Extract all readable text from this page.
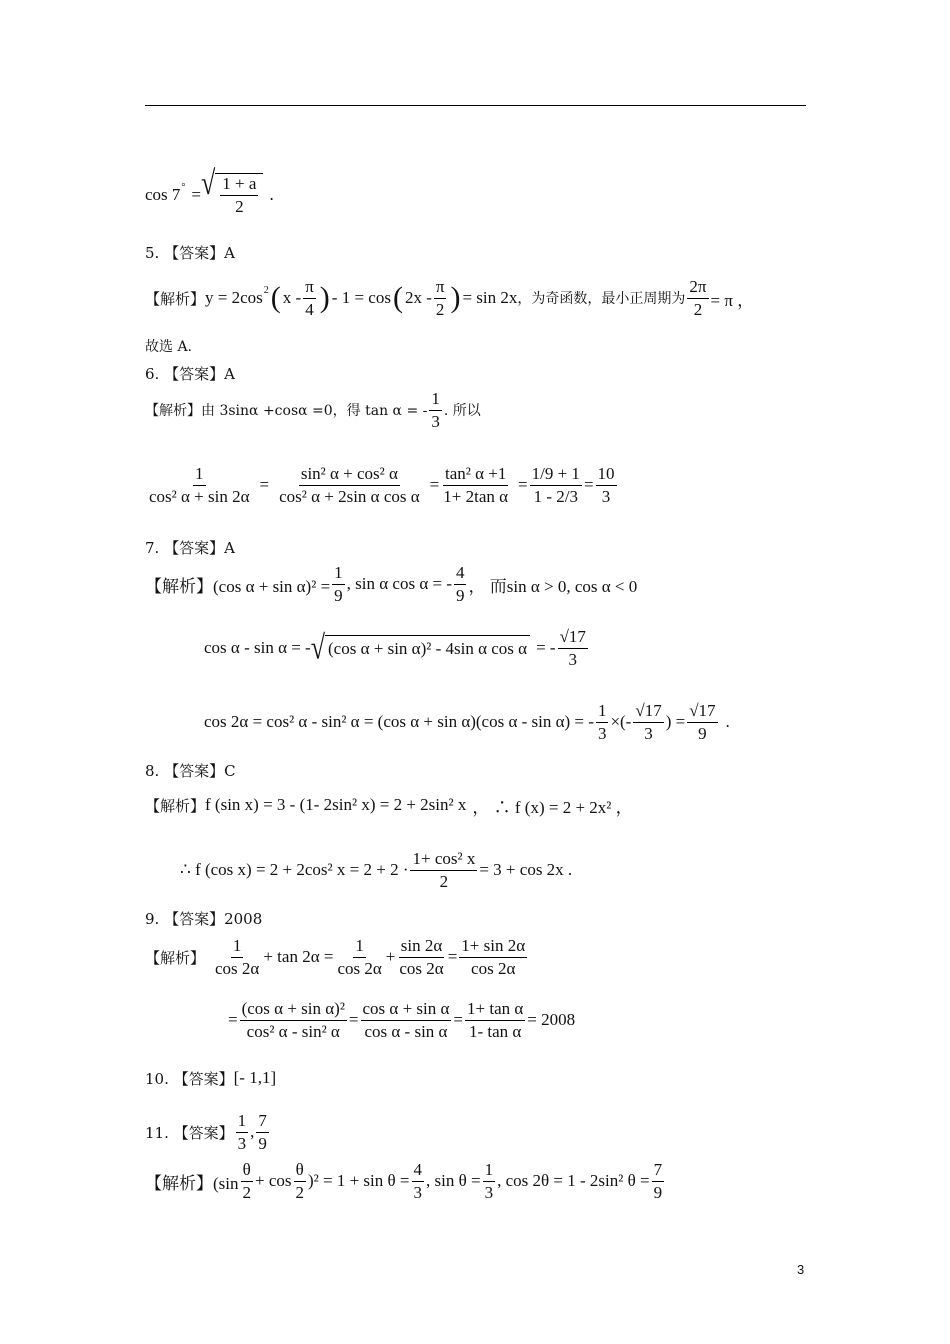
cos 7 ° = √ $\frac{1 + a}{2}$ .
5. 【答案】A
【解析】 y = 2cos 2 ( x - $\frac{\pi}{4}$ ) - 1 = cos ( $2x - \frac{\pi}{2}$ ) = sin 2x ，为奇函数，最小正周期为 $\frac{2\pi}{2} = \pi$ ，
故选 A.
6. 【答案】A
【解析】由 3sinα +cosα =0，得 tan α = - $\frac{1}{3}$ . 所以
$\frac{1}{\text{cos² α + sin 2α}} = \frac{\text{sin² α + cos² α}}{\text{cos² α + 2sin α cos α}} = \frac{\text{tan² α +1}}{\text{1+ 2tan α}} = \frac{1/9 + 1}{1 - 2/3} = \frac{10}{3}$
7. 【答案】A
【解析】(cos $\alpha + \sin \alpha)^2 = \frac{1}{9}$ , sin α cos α = - $\frac{4}{9}$ ， 而sin α > 0, cos α < 0
cos α - sin α = - √ (cos α + sin α)² - 4sin α cos α = - $\frac{√17}{3}$
cos 2α = cos² α - sin² α = (cos α + sin α)(cos α - sin α) = - $\frac{1}{3}$ ×(- $\frac{√17}{3}$ ) = $\frac{√17}{9}$ .
8. 【答案】C
【解析】 f (sin x) = 3 - (1- 2sin² x) = 2 + 2sin² x ， ∴ f (x) = 2 + 2x² ，
∴ f (cos x) = 2 + 2cos² $x = 2 + 2 \cdot \frac{\text{1+ cos² x}}{2} = 3 + \cos 2x$ .
9. 【答案】2008
【解析】 $\frac{1}{\cos 2\alpha} + \tan 2\alpha = \frac{1}{\cos 2\alpha} + \frac{\sin 2\alpha}{\cos 2\alpha} = \frac{1+ \sin 2\alpha}{\cos 2\alpha}$
= $\frac{\text{(cos α + sin α)²}}{\text{cos² α - sin² α}} = \frac{\text{cos α + sin α}}{\text{cos α - sin α}} = \frac{\text{1+ tan α}}{\text{1- tan α}} = 2008$
10. 【答案】 [- 1,1]
11. 【答案】 $\frac{1}{3}$ , $\frac{7}{9}$
【解析】$(\sin \frac{\theta}{2} + \cos \frac{\theta}{2} )^2 = 1 + \sin \theta = \frac{4}{3}$ , $\sin \theta = \frac{1}{3}$ , cos 2θ = 1 - 2sin² $\theta = \frac{7}{9}$
3
